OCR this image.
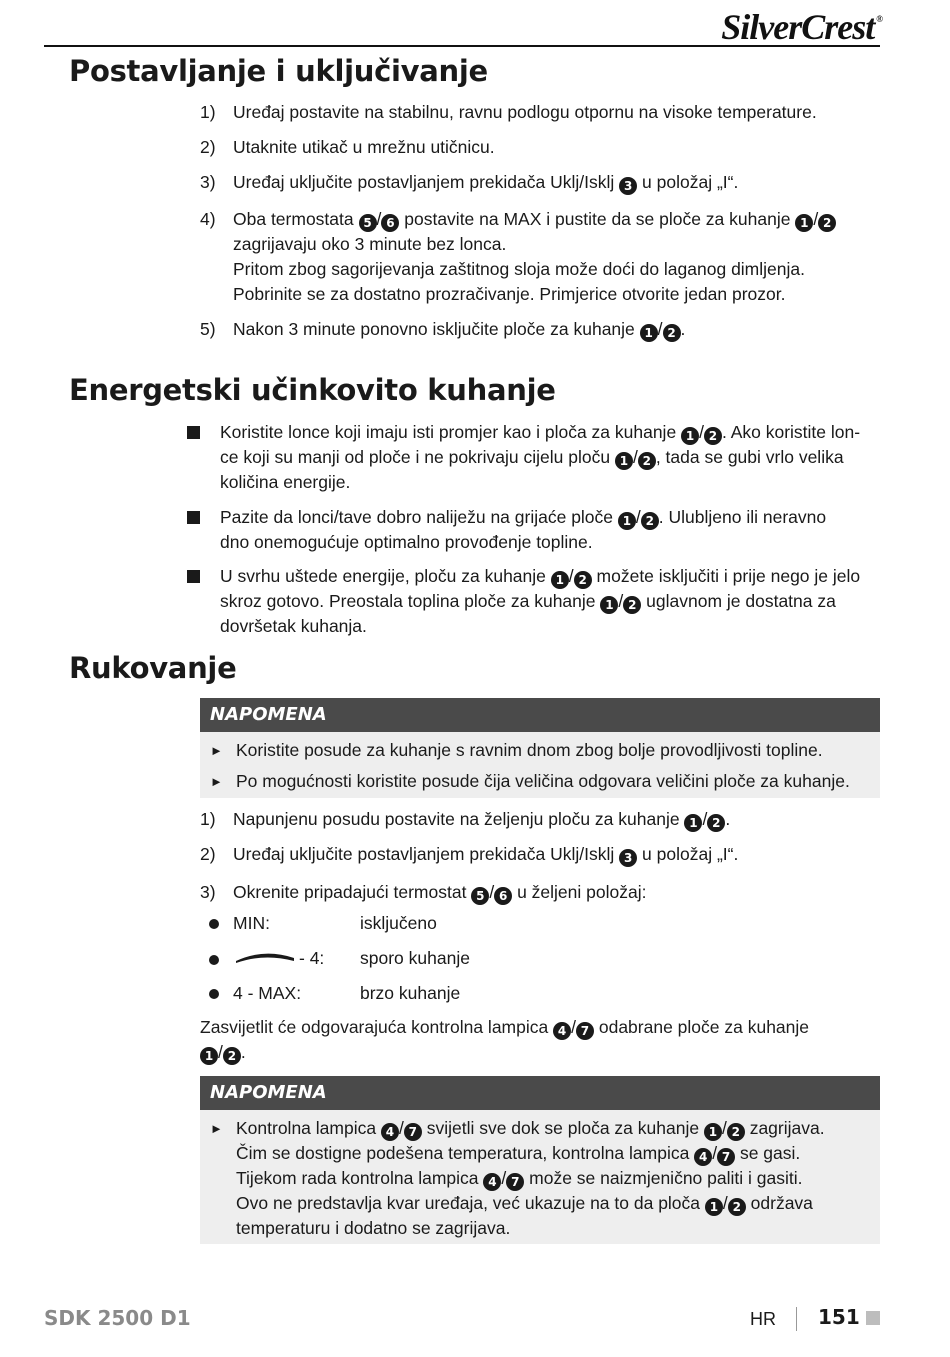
SilverCrest ®
Postavljanje i uključivanje
1) Uređaj postavite na stabilnu, ravnu podlogu otpornu na visoke temperature.
2) Utaknite utikač u mrežnu utičnicu.
3) Uređaj uključite postavljanjem prekidača Uklj/Isklj 3 u položaj „I“.
4) Oba termostata 5 / 6 postavite na MAX i pustite da se ploče za kuhanje 1 / 2
zagrijavaju oko 3 minute bez lonca.
Pritom zbog sagorijevanja zaštitnog sloja može doći do laganog dimljenja.
Pobrinite se za dostatno prozračivanje. Primjerice otvorite jedan prozor.
5) Nakon 3 minute ponovno isključite ploče za kuhanje 1 / 2 .
Energetski učinkovito kuhanje
Koristite lonce koji imaju isti promjer kao i ploča za kuhanje 1 / 2 . Ako koristite lon-
ce koji su manji od ploče i ne pokrivaju cijelu ploču 1 / 2 , tada se gubi vrlo velika
količina energije.
Pazite da lonci/tave dobro naliježu na grijaće ploče 1 / 2 . Ulubljeno ili neravno
dno onemogućuje optimalno provođenje topline.
U svrhu uštede energije, ploču za kuhanje 1 / 2 možete isključiti i prije nego je jelo
skroz gotovo. Preostala toplina ploče za kuhanje 1 / 2 uglavnom je dostatna za
dovršetak kuhanja.
Rukovanje
NAPOMENA
► Koristite posude za kuhanje s ravnim dnom zbog bolje provodljivosti topline.
► Po mogućnosti koristite posude čija veličina odgovara veličini ploče za kuhanje.
1) Napunjenu posudu postavite na željenju ploču za kuhanje 1 / 2 .
2) Uređaj uključite postavljanjem prekidača Uklj/Isklj 3 u položaj „I“.
3) Okrenite pripadajući termostat 5 / 6 u željeni položaj:
MIN:	isključeno
- 4: sporo kuhanje
4 - MAX:	brzo kuhanje
Zasvijetlit će odgovarajuća kontrolna lampica 4 / 7 odabrane ploče za kuhanje
1 / 2 .
NAPOMENA
► Kontrolna lampica 4 / 7 svijetli sve dok se ploča za kuhanje 1 / 2 zagrijava.
Čim se dostigne podešena temperatura, kontrolna lampica 4 / 7 se gasi.
Tijekom rada kontrolna lampica 4 / 7 može se naizmjenično paliti i gasiti.
Ovo ne predstavlja kvar uređaja, već ukazuje na to da ploča 1 / 2 održava
temperaturu i dodatno se zagrijava.
SDK 2500 D1	HR 151
